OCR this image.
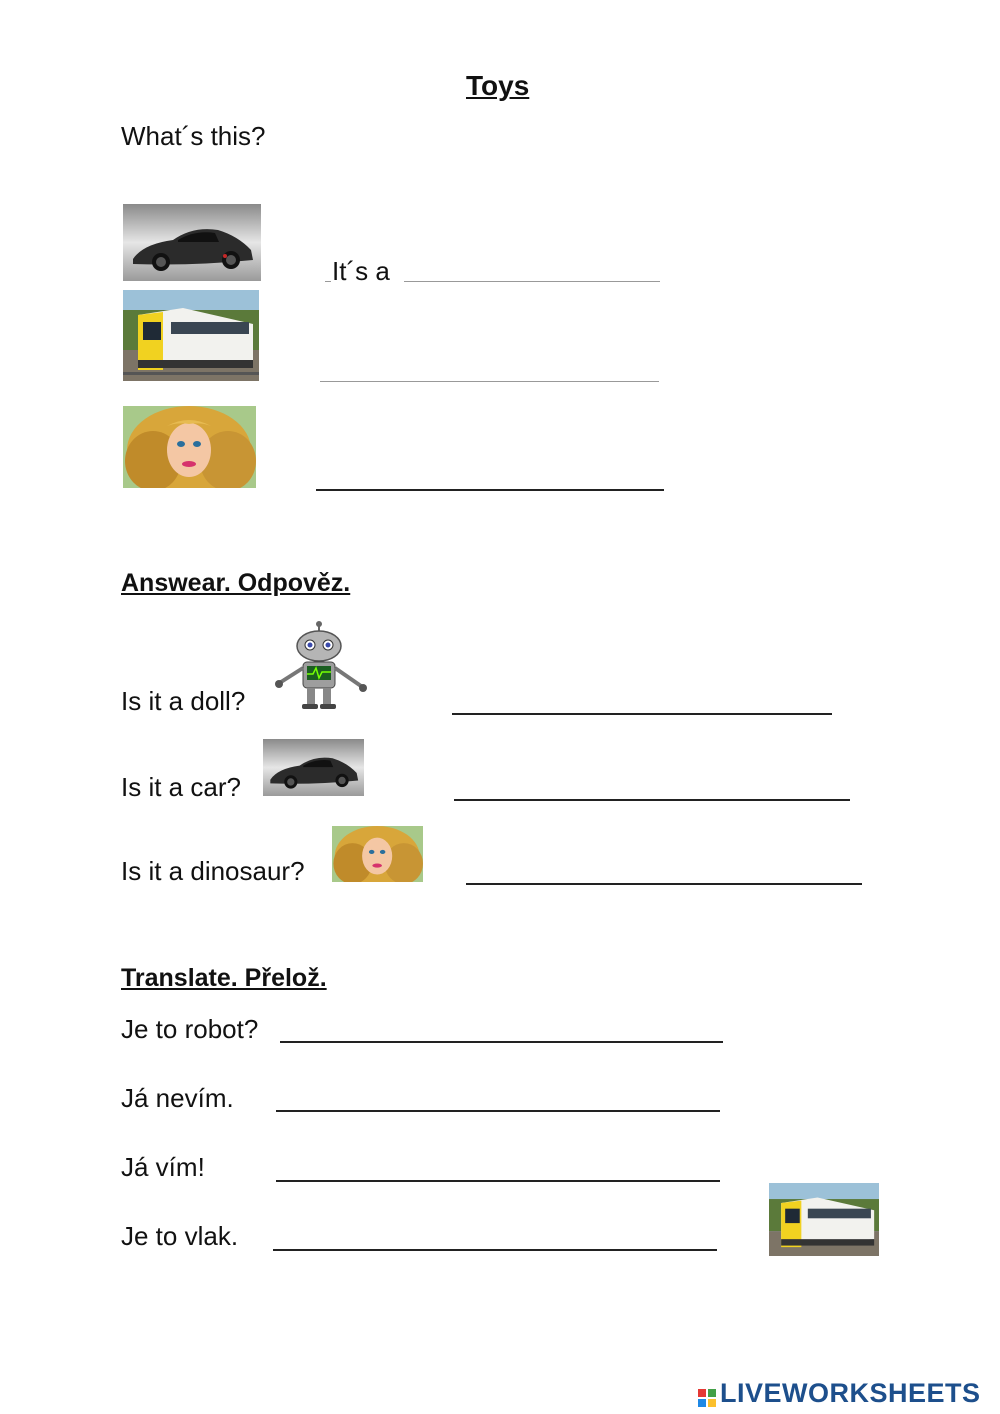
Toys
What´s this?
It´s a
Answear. Odpověz.
Is it a doll?
Is it a car?
Is it a dinosaur?
Translate. Přelož.
Je to robot?
Já nevím.
Já vím!
Je to vlak.
LIVEWORKSHEETS
